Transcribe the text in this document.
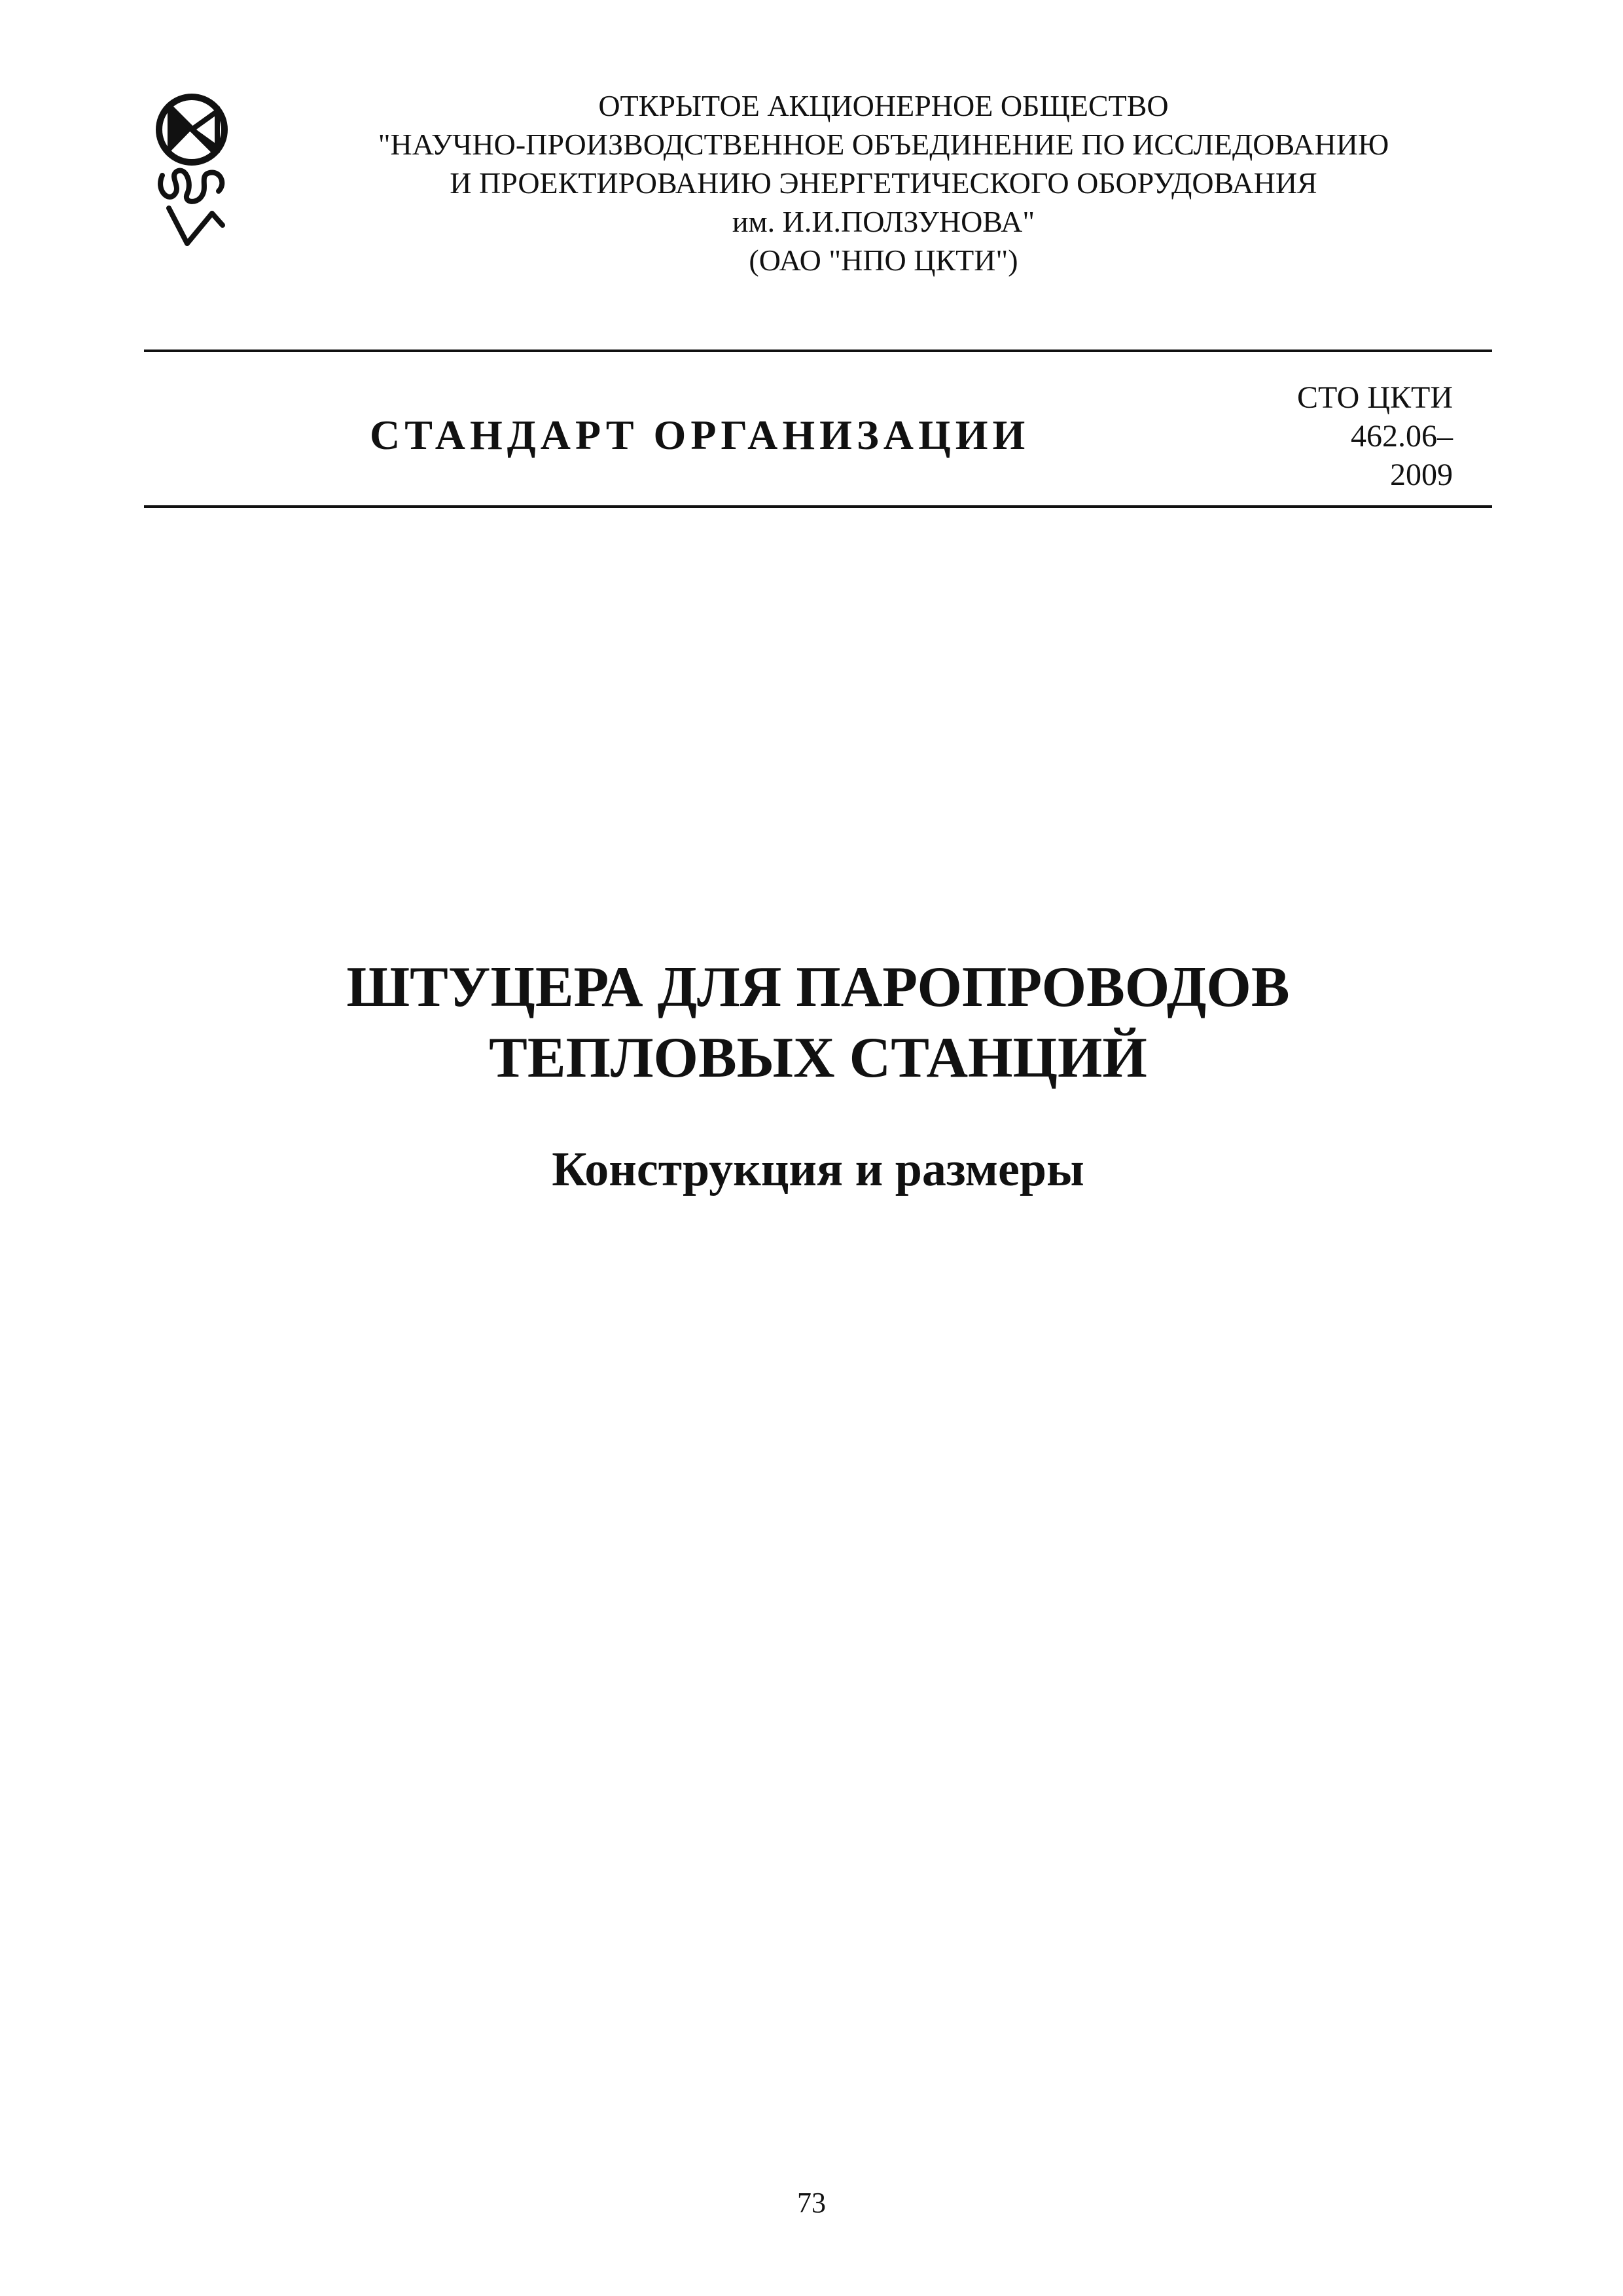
ОТКРЫТОЕ АКЦИОНЕРНОЕ ОБЩЕСТВО
"НАУЧНО-ПРОИЗВОДСТВЕННОЕ ОБЪЕДИНЕНИЕ ПО ИССЛЕДОВАНИЮ
И ПРОЕКТИРОВАНИЮ ЭНЕРГЕТИЧЕСКОГО ОБОРУДОВАНИЯ
им. И.И.ПОЛЗУНОВА"
(ОАО "НПО ЦКТИ")
СТАНДАРТ ОРГАНИЗАЦИИ
СТО ЦКТИ
462.06–
2009
ШТУЦЕРА ДЛЯ ПАРОПРОВОДОВ
ТЕПЛОВЫХ СТАНЦИЙ
Конструкция и размеры
73
